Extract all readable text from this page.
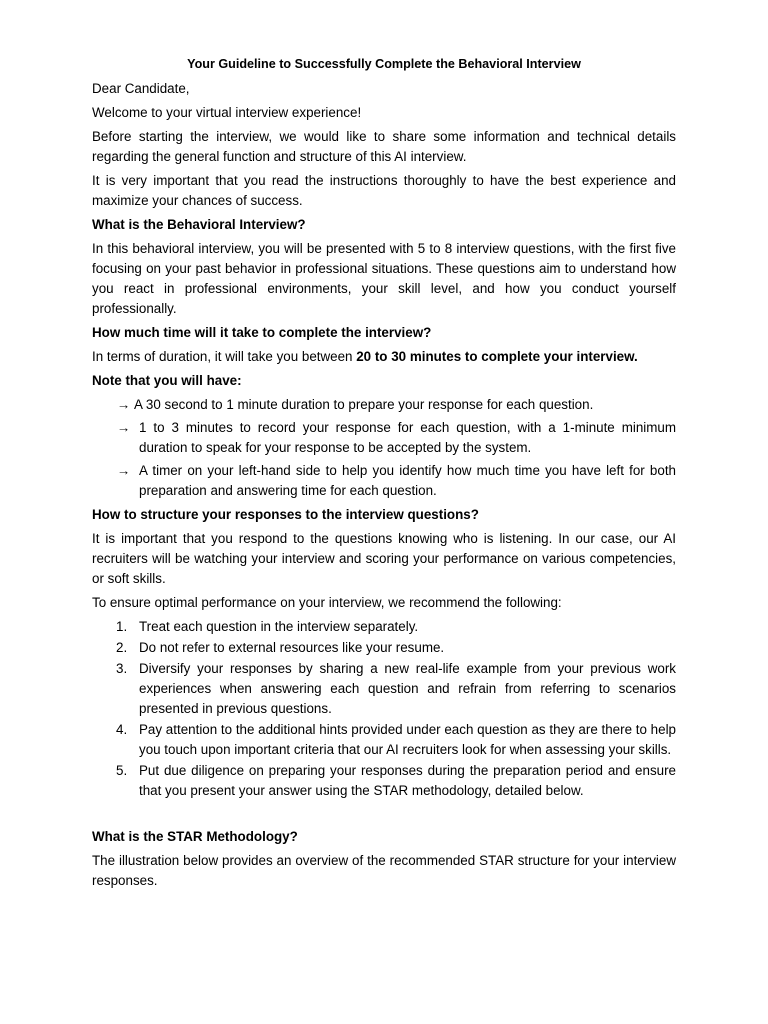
Your Guideline to Successfully Complete the Behavioral Interview

Dear Candidate,

Welcome to your virtual interview experience!

Before starting the interview, we would like to share some information and technical details regarding the general function and structure of this AI interview.

It is very important that you read the instructions thoroughly to have the best experience and maximize your chances of success.

What is the Behavioral Interview?

In this behavioral interview, you will be presented with 5 to 8 interview questions, with the first five focusing on your past behavior in professional situations. These questions aim to understand how you react in professional environments, your skill level, and how you conduct yourself professionally.

How much time will it take to complete the interview?

In terms of duration, it will take you between 20 to 30 minutes to complete your interview.

Note that you will have:

→ A 30 second to 1 minute duration to prepare your response for each question.
→ 1 to 3 minutes to record your response for each question, with a 1-minute minimum duration to speak for your response to be accepted by the system.
→ A timer on your left-hand side to help you identify how much time you have left for both preparation and answering time for each question.

How to structure your responses to the interview questions?

It is important that you respond to the questions knowing who is listening. In our case, our AI recruiters will be watching your interview and scoring your performance on various competencies, or soft skills.

To ensure optimal performance on your interview, we recommend the following:

1. Treat each question in the interview separately.
2. Do not refer to external resources like your resume.
3. Diversify your responses by sharing a new real-life example from your previous work experiences when answering each question and refrain from referring to scenarios presented in previous questions.
4. Pay attention to the additional hints provided under each question as they are there to help you touch upon important criteria that our AI recruiters look for when assessing your skills.
5. Put due diligence on preparing your responses during the preparation period and ensure that you present your answer using the STAR methodology, detailed below.

What is the STAR Methodology?

The illustration below provides an overview of the recommended STAR structure for your interview responses.
